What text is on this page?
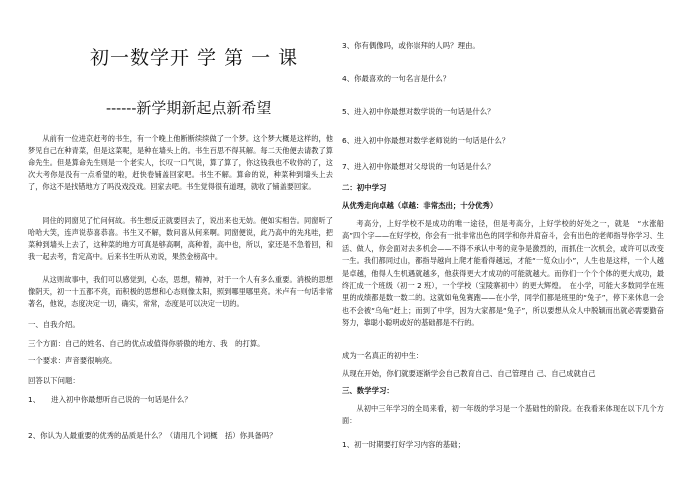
初一数学开 学 第 一 课
------新学期新起点新希望

从前有一位进京赶考的书生，有一个晚上他断断续续做了一个梦。这个梦大概是这样的，他梦见自己在种青菜，但是这菜呢，是种在墙头上的。书生百思不得其解。每二天他便去请教了算命先生。但是算命先生则是一个老实人，长叹一口气说，算了算了，你这钱我也不收你的了，这次大考你是没有一点希望的啦，赶快卷铺盖回家吧。书生不解。算命的说，种菜种到墙头上去了，你这不是找错地方了吗没戏没戏。回家去吧。书生觉得很有道理，就收了铺盖要回家。

同住的同窗见了忙问何故。书生想反正就要回去了，说出来也无妨。便如实相告。同窗听了哈哈大笑，连声说恭喜恭喜。书生又不解，数问喜从何来啊。同窗便说，此乃高中的先兆哇，把菜种到墙头上去了，这种菜的地方可真是够高啊，高种着，高中也，所以，家还是不急着回，和我一起去考，肯定高中。后来书生听从劝说，果然金榜高中。

从这则故事中，我们可以感觉到，心态，思想，精神，对于一个人有多么重要。消极的思想像阴天，初一十五都不亮，而积极的思想和心态则像太阳，照到哪里哪里亮。米卢有一句话非常著名，他说，态度决定一切，确实，常常，态度是可以决定一切的。

一、自我介绍。
三个方面：自己的姓名、自己的优点或值得你骄傲的地方、我　的打算。
一个要求：声音要很响亮。
回答以下问题：
1、　　进入初中你最想听自己说的一句话是什么？
2、你认为人最重要的优秀的品质是什么？（请用几个词概　括）你具备吗？
3、你有偶像吗，或你崇拜的人吗？理由。
4、你最喜欢的一句名言是什么？
5、进入初中你最想对数学说的一句话是什么？
6、进入初中你最想对数学老师说的一句话是什么？
7、进入初中你最想对父母说的一句话是什么？
二：初中学习
从优秀走向卓越（卓越：非常杰出；十分优秀）

考高分，上好学校不是成功的唯一途径，但是考高分，上好学校的好处之一，就是　“水涨船高”四个字——在好学校，你会有一批非常出色的同学和你并肩奋斗，会有出色的老师指导你学习、生活、做人，你会面对去多机会——不得不承认中考的竞争是激烈的，而抓住一次机会，或许可以改变一生。我们都同过山，都指导越向上爬才能看得越远，才能“一览众山小”，人生也是这样，一个人越是卓越，他得人生机遇就越多，他获得更大才成功的可能就越大。而你们一个个个体的更大成功，最终汇成一个班级（初一 2 班），一个学校（宝陵寨初中）的更大辉煌。　在小学，可能大多数同学在班里的成绩都是数一数二的。这就如龟兔赛跑——在小学，同学们都是班里的“兔子”，停下来休息一会也不会被“乌龟”赶上；而到了中学，因为大家都是“兔子”，所以要想从众人中脱颖而出就必需要勤奋努力，靠聪小聪明或好的基础都是不行的。

成为一名真正的初中生：
从现在开始，你们就要逐渐学会自己教育自己、自己管理自 己、自己成就自己
三、数学学习：

从初中三年学习的全局来看，初一年级的学习是一个基础性的阶段。在我看来体现在以下几个方面：

1、初一时期要打好学习内容的基础；
